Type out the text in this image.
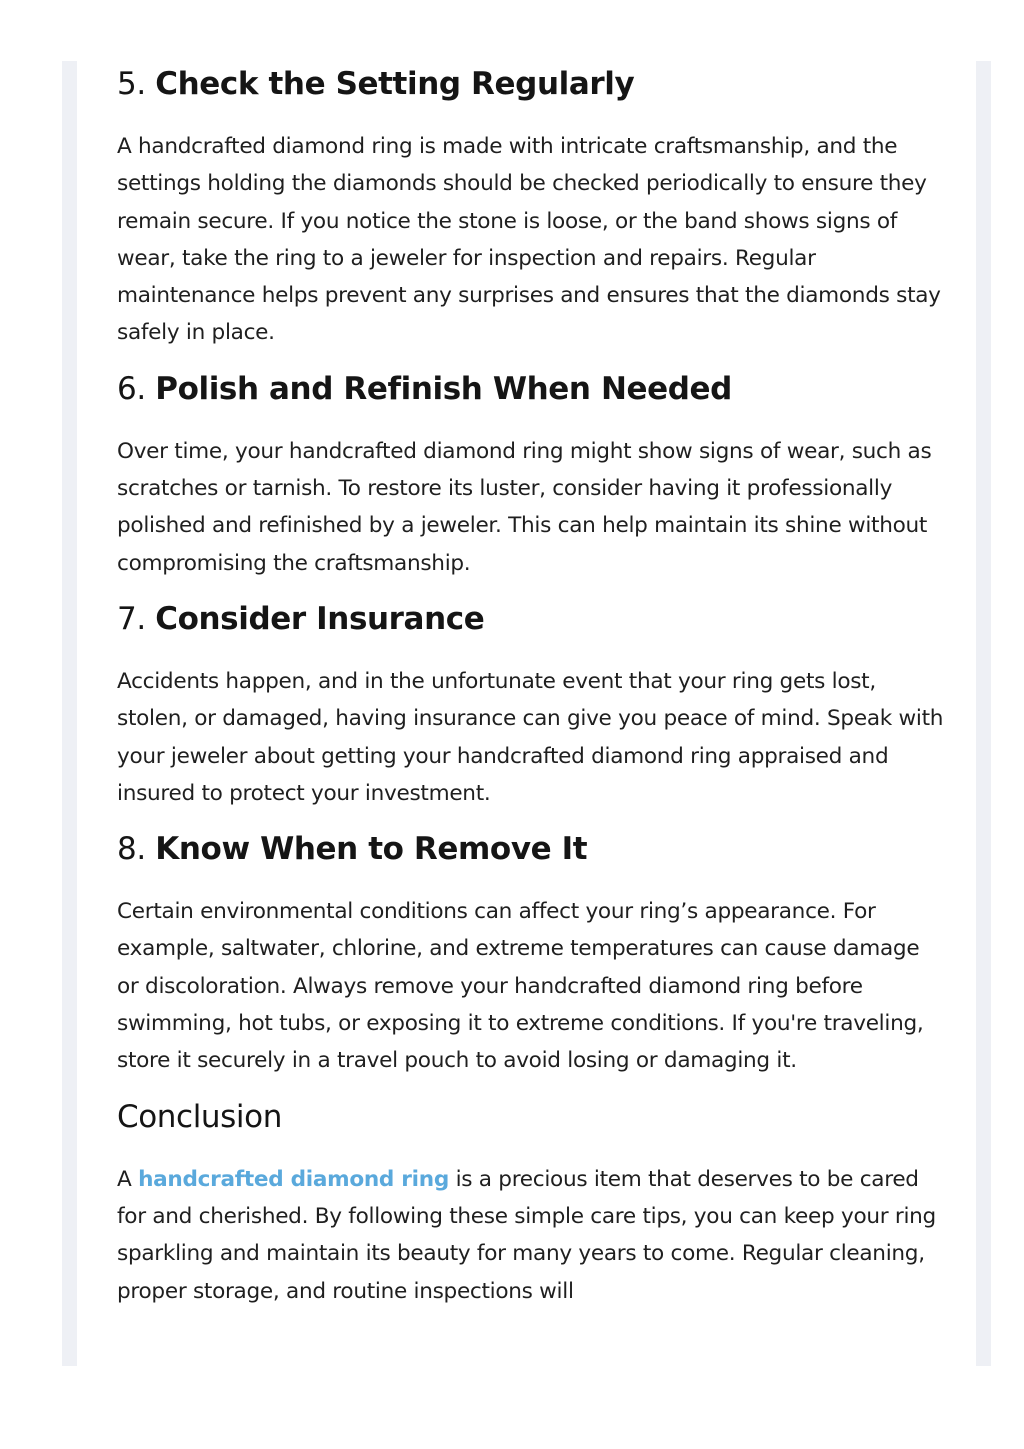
5. Check the Setting Regularly

A handcrafted diamond ring is made with intricate craftsmanship, and the settings holding the diamonds should be checked periodically to ensure they remain secure. If you notice the stone is loose, or the band shows signs of wear, take the ring to a jeweler for inspection and repairs. Regular maintenance helps prevent any surprises and ensures that the diamonds stay safely in place.

6. Polish and Refinish When Needed

Over time, your handcrafted diamond ring might show signs of wear, such as scratches or tarnish. To restore its luster, consider having it professionally polished and refinished by a jeweler. This can help maintain its shine without compromising the craftsmanship.

7. Consider Insurance

Accidents happen, and in the unfortunate event that your ring gets lost, stolen, or damaged, having insurance can give you peace of mind. Speak with your jeweler about getting your handcrafted diamond ring appraised and insured to protect your investment.

8. Know When to Remove It

Certain environmental conditions can affect your ring’s appearance. For example, saltwater, chlorine, and extreme temperatures can cause damage or discoloration. Always remove your handcrafted diamond ring before swimming, hot tubs, or exposing it to extreme conditions. If you're traveling, store it securely in a travel pouch to avoid losing or damaging it.

Conclusion

A handcrafted diamond ring is a precious item that deserves to be cared for and cherished. By following these simple care tips, you can keep your ring sparkling and maintain its beauty for many years to come. Regular cleaning, proper storage, and routine inspections will
